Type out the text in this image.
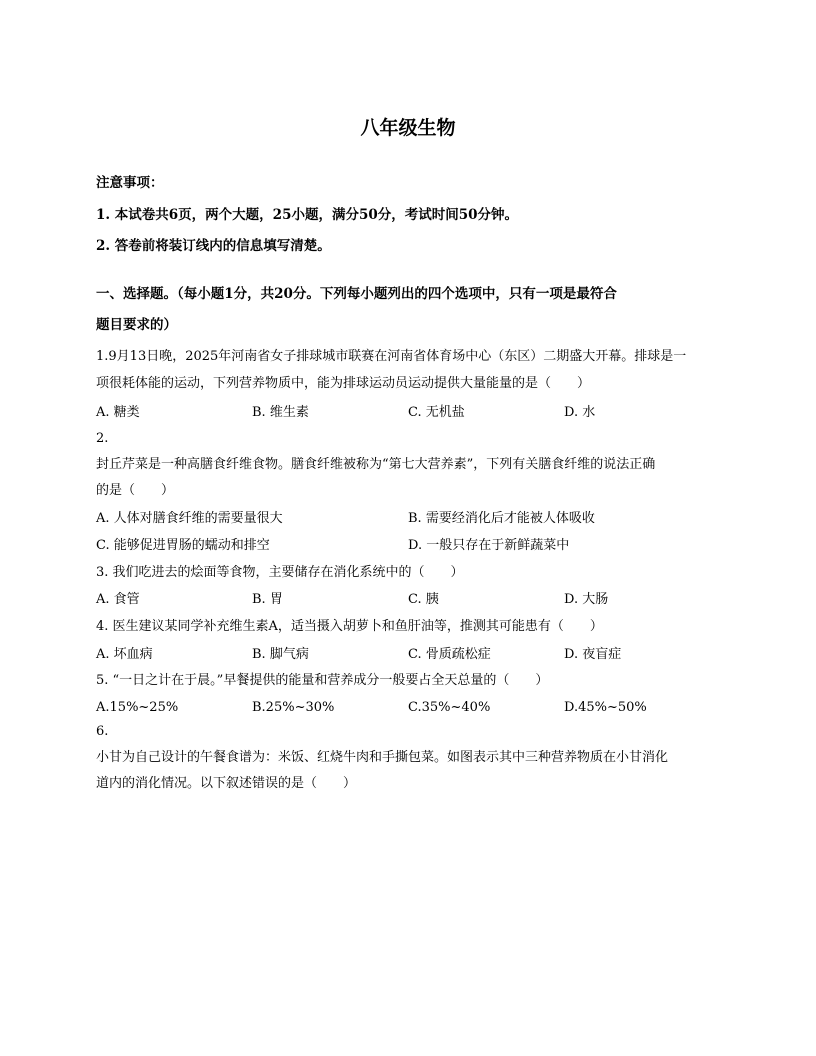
八年级生物
注意事项：
1. 本试卷共6页，两个大题，25小题，满分50分，考试时间50分钟。
2. 答卷前将装订线内的信息填写清楚。
一、选择题。（每小题1分，共20分。下列每小题列出的四个选项中，只有一项是最符合
题目要求的）
1.9月13日晚，2025年河南省女子排球城市联赛在河南省体育场中心（东区）二期盛大开幕。排球是一
项很耗体能的运动，下列营养物质中，能为排球运动员运动提供大量能量的是（　　）
A. 糖类	B. 维生素	C. 无机盐	D. 水
2.
封丘芹菜是一种高膳食纤维食物。膳食纤维被称为“第七大营养素”，下列有关膳食纤维的说法正确
的是（　　）
A. 人体对膳食纤维的需要量很大	B. 需要经消化后才能被人体吸收
C. 能够促进胃肠的蠕动和排空	D. 一般只存在于新鲜蔬菜中
3. 我们吃进去的烩面等食物，主要储存在消化系统中的（　　）
A. 食管	B. 胃	C. 胰	D. 大肠
4. 医生建议某同学补充维生素A，适当摄入胡萝卜和鱼肝油等，推测其可能患有（　　）
A. 坏血病	B. 脚气病	C. 骨质疏松症	D. 夜盲症
5. “一日之计在于晨。”早餐提供的能量和营养成分一般要占全天总量的（　　）
A.15%~25%	B.25%~30%	C.35%~40%	D.45%~50%
6.
小甘为自己设计的午餐食谱为：米饭、红烧牛肉和手撕包菜。如图表示其中三种营养物质在小甘消化
道内的消化情况。以下叙述错误的是（　　）
